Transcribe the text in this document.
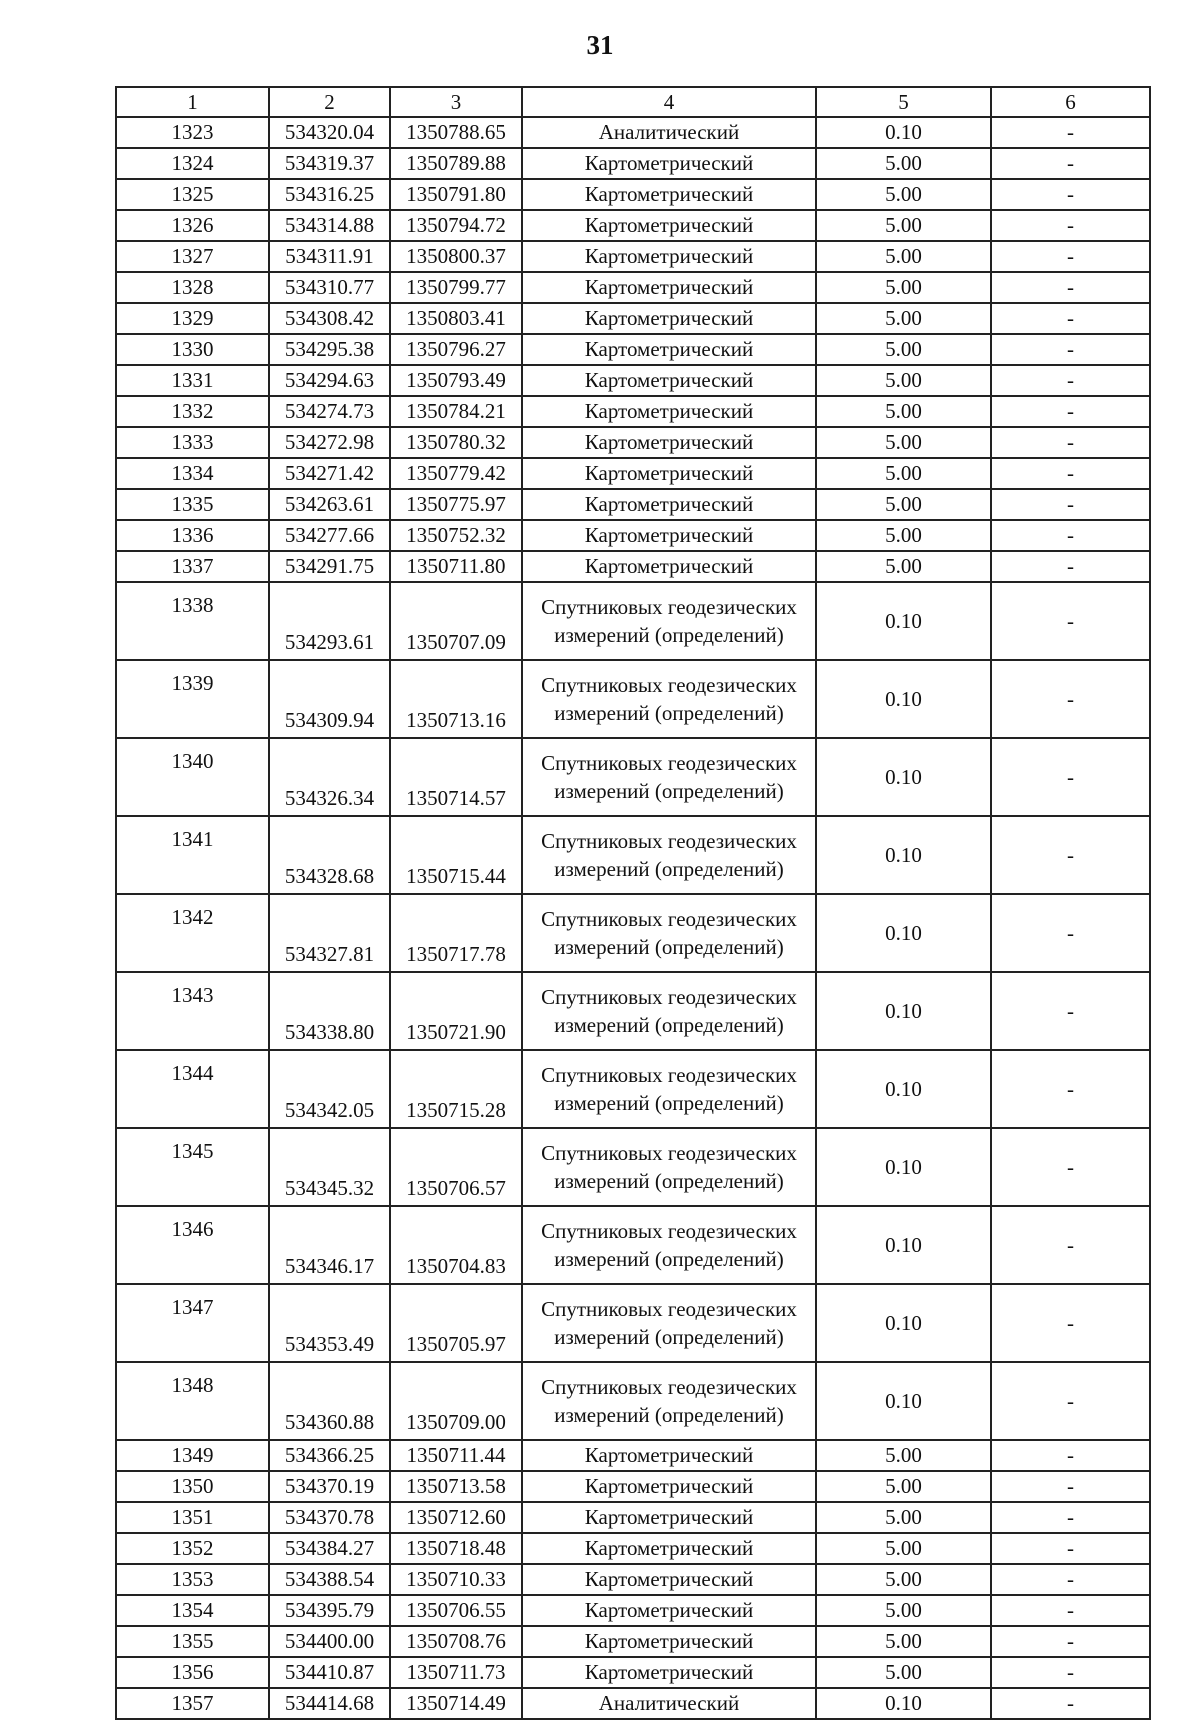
31
1	2	3	4	5	6
1323	534320.04	1350788.65	Аналитический	0.10	-
1324	534319.37	1350789.88	Картометрический	5.00	-
1325	534316.25	1350791.80	Картометрический	5.00	-
1326	534314.88	1350794.72	Картометрический	5.00	-
1327	534311.91	1350800.37	Картометрический	5.00	-
1328	534310.77	1350799.77	Картометрический	5.00	-
1329	534308.42	1350803.41	Картометрический	5.00	-
1330	534295.38	1350796.27	Картометрический	5.00	-
1331	534294.63	1350793.49	Картометрический	5.00	-
1332	534274.73	1350784.21	Картометрический	5.00	-
1333	534272.98	1350780.32	Картометрический	5.00	-
1334	534271.42	1350779.42	Картометрический	5.00	-
1335	534263.61	1350775.97	Картометрический	5.00	-
1336	534277.66	1350752.32	Картометрический	5.00	-
1337	534291.75	1350711.80	Картометрический	5.00	-
1338	534293.61	1350707.09	Спутниковых геодезических измерений (определений)	0.10	-
1339	534309.94	1350713.16	Спутниковых геодезических измерений (определений)	0.10	-
1340	534326.34	1350714.57	Спутниковых геодезических измерений (определений)	0.10	-
1341	534328.68	1350715.44	Спутниковых геодезических измерений (определений)	0.10	-
1342	534327.81	1350717.78	Спутниковых геодезических измерений (определений)	0.10	-
1343	534338.80	1350721.90	Спутниковых геодезических измерений (определений)	0.10	-
1344	534342.05	1350715.28	Спутниковых геодезических измерений (определений)	0.10	-
1345	534345.32	1350706.57	Спутниковых геодезических измерений (определений)	0.10	-
1346	534346.17	1350704.83	Спутниковых геодезических измерений (определений)	0.10	-
1347	534353.49	1350705.97	Спутниковых геодезических измерений (определений)	0.10	-
1348	534360.88	1350709.00	Спутниковых геодезических измерений (определений)	0.10	-
1349	534366.25	1350711.44	Картометрический	5.00	-
1350	534370.19	1350713.58	Картометрический	5.00	-
1351	534370.78	1350712.60	Картометрический	5.00	-
1352	534384.27	1350718.48	Картометрический	5.00	-
1353	534388.54	1350710.33	Картометрический	5.00	-
1354	534395.79	1350706.55	Картометрический	5.00	-
1355	534400.00	1350708.76	Картометрический	5.00	-
1356	534410.87	1350711.73	Картометрический	5.00	-
1357	534414.68	1350714.49	Аналитический	0.10	-
